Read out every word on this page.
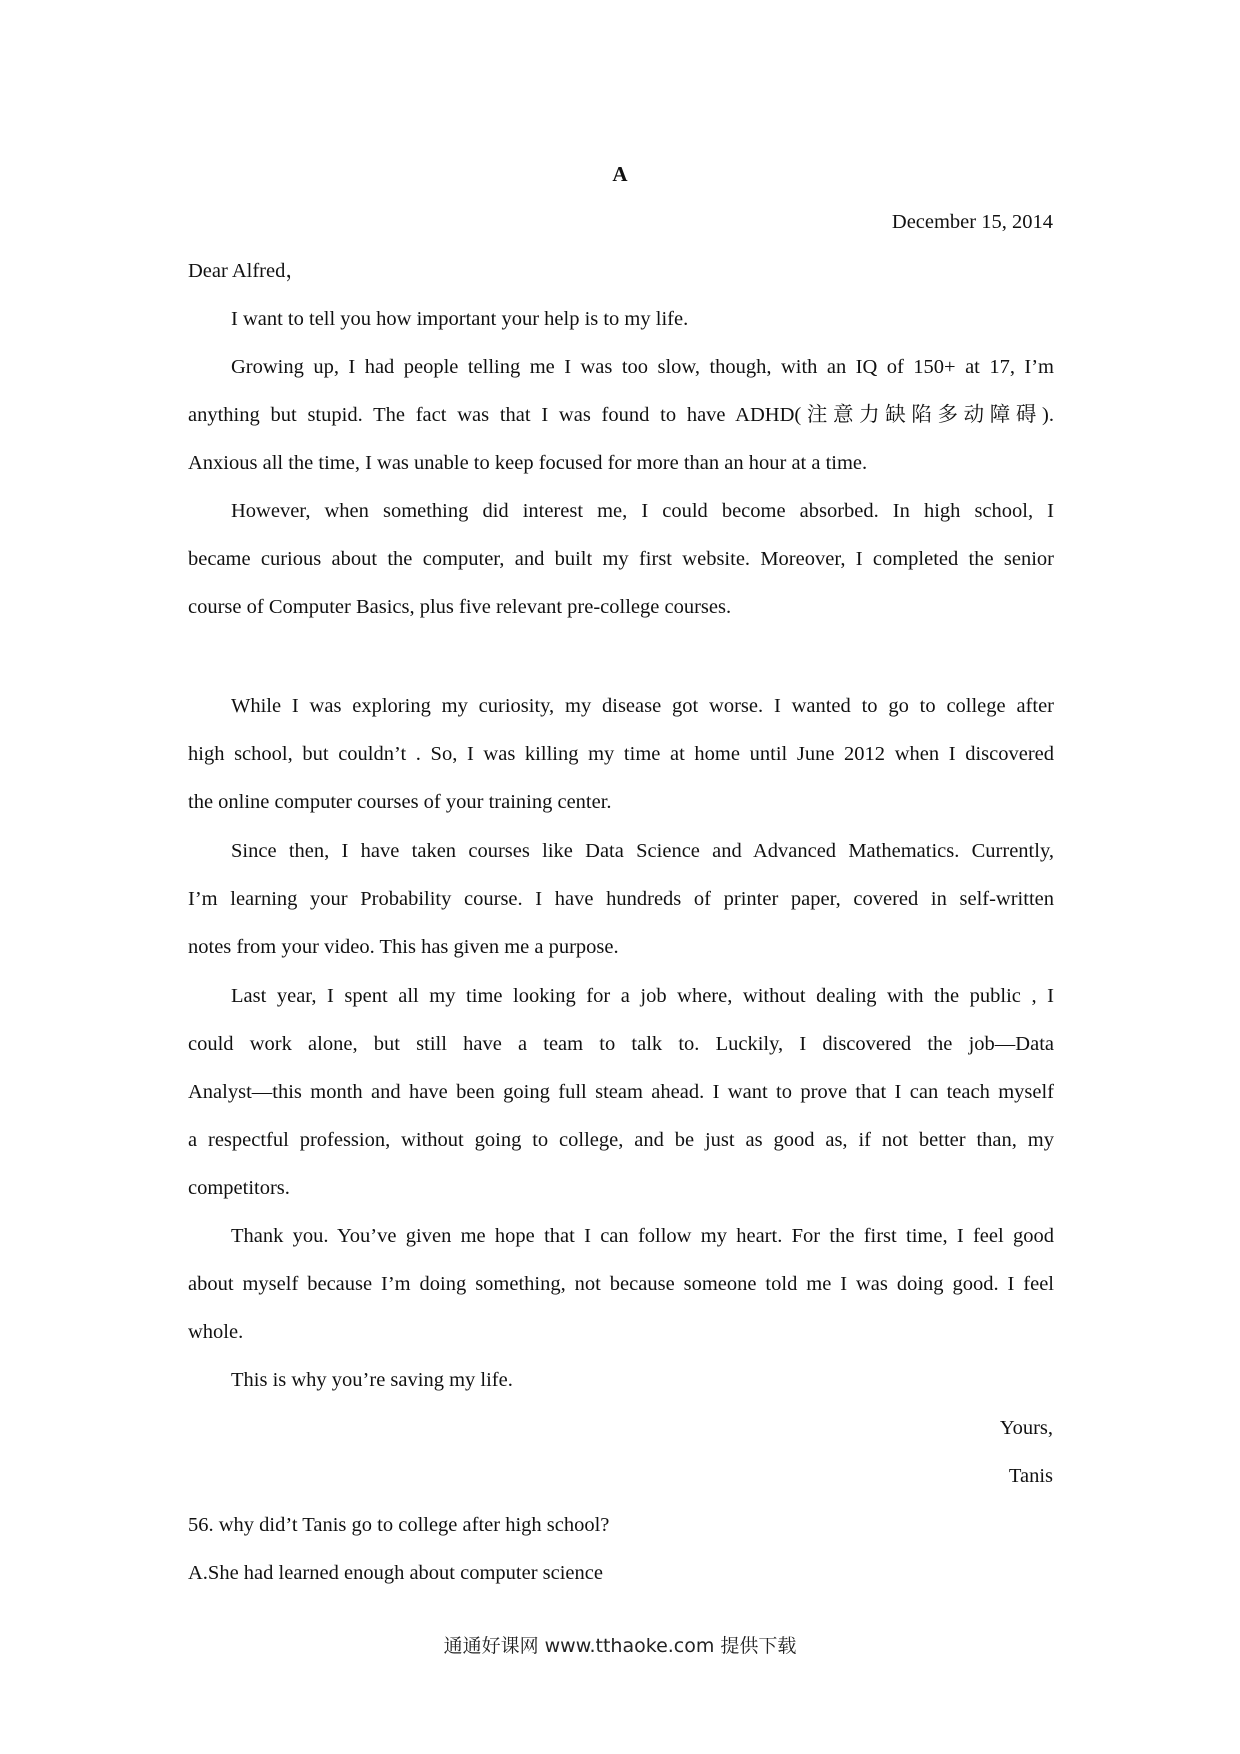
A
December 15, 2014
Dear Alfred，
I want to tell you how important your help is to my life.
Growing up, I had people telling me I was too slow, though, with an IQ of 150+ at 17, I’m
anything but stupid. The fact was that I was found to have ADHD(注意力缺陷多动障碍).
Anxious all the time, I was unable to keep focused for more than an hour at a time.
However, when something did interest me, I could become absorbed. In high school, I
became curious about the computer, and built my first website. Moreover, I completed the senior
course of Computer Basics, plus five relevant pre-college courses.
While I was exploring my curiosity, my disease got worse. I wanted to go to college after
high school, but couldn’t . So, I was killing my time at home until June 2012 when I discovered
the online computer courses of your training center.
Since then, I have taken courses like Data Science and Advanced Mathematics. Currently,
I’m learning your Probability course. I have hundreds of printer paper, covered in self-written
notes from your video. This has given me a purpose.
Last year, I spent all my time looking for a job where, without dealing with the public , I
could work alone, but still have a team to talk to. Luckily, I discovered the job—Data
Analyst—this month and have been going full steam ahead. I want to prove that I can teach myself
a respectful profession, without going to college, and be just as good as, if not better than, my
competitors.
Thank you. You’ve given me hope that I can follow my heart. For the first time, I feel good
about myself because I’m doing something, not because someone told me I was doing good. I feel
whole.
This is why you’re saving my life.
Yours,
Tanis
56. why did’t Tanis go to college after high school?
A.She had learned enough about computer science
通通好课网 www.tthaoke.com 提供下载
